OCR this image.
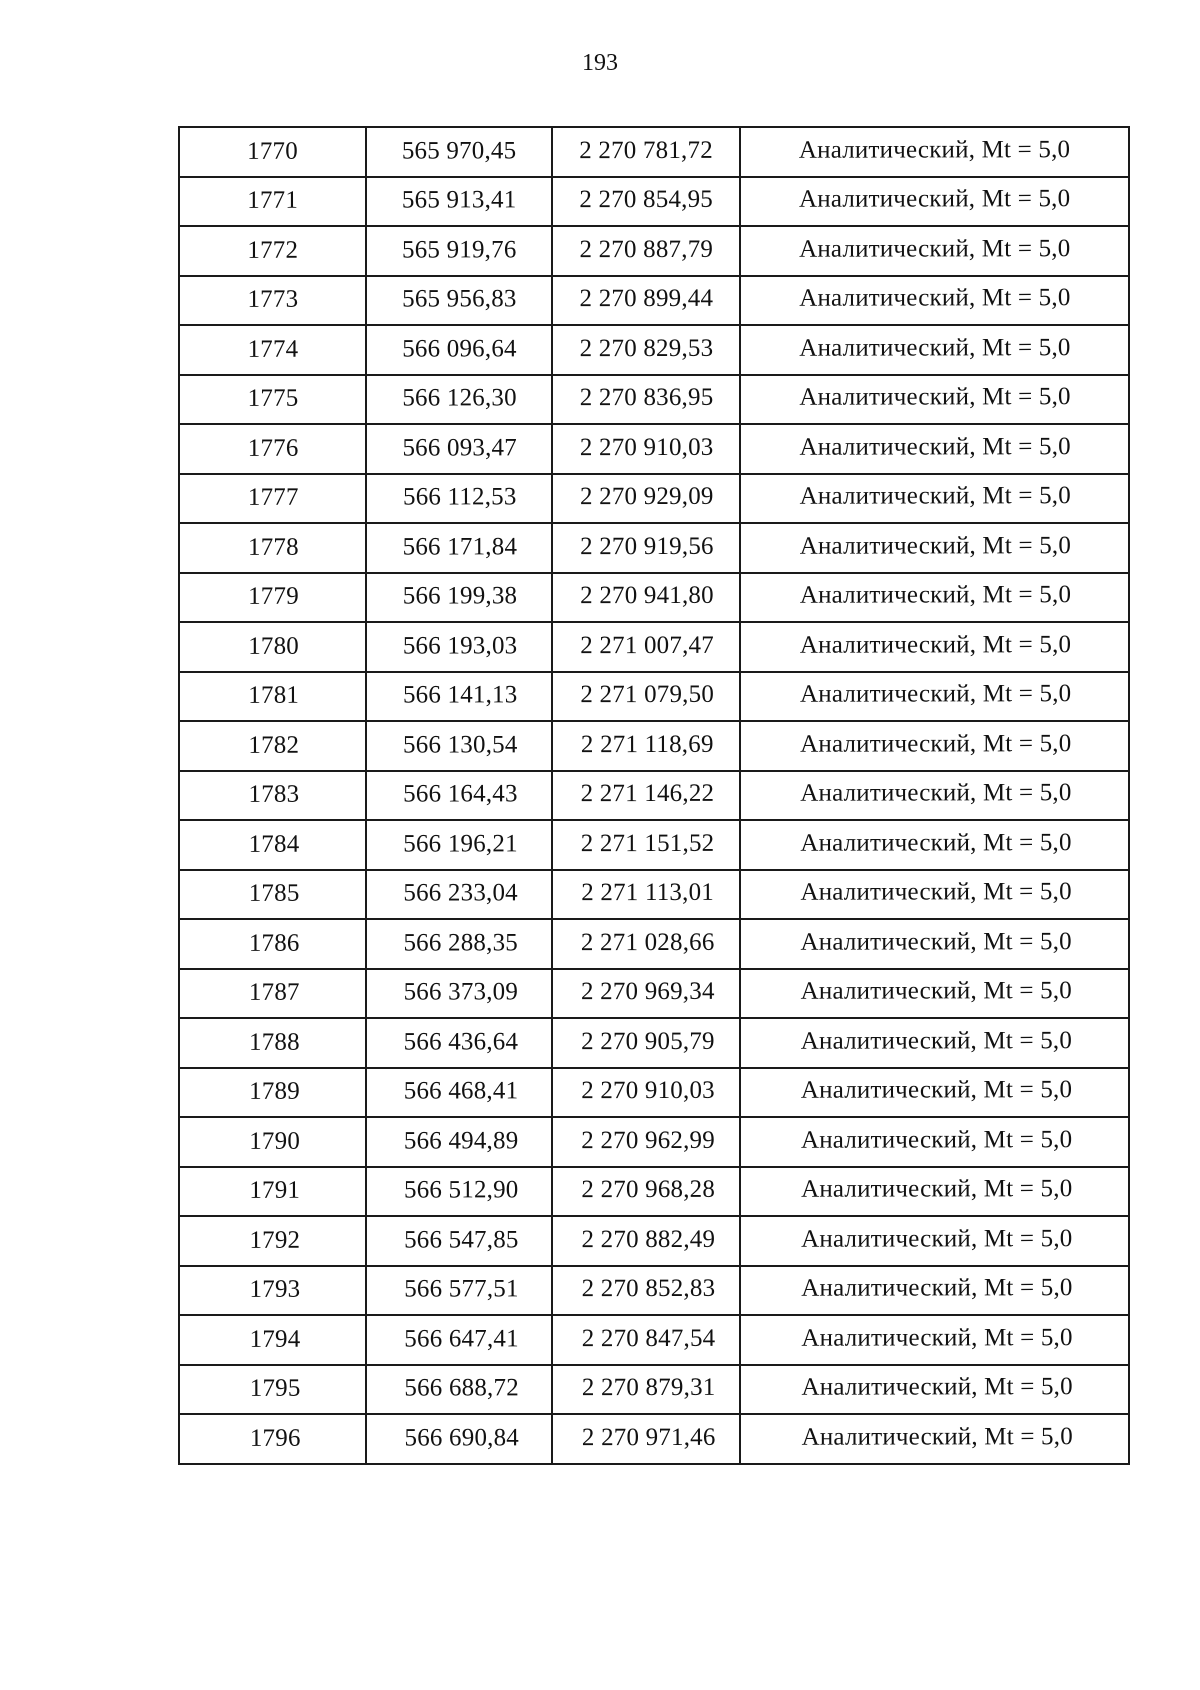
193
1770	565 970,45	2 270 781,72	Аналитический, Mt = 5,0
1771	565 913,41	2 270 854,95	Аналитический, Mt = 5,0
1772	565 919,76	2 270 887,79	Аналитический, Mt = 5,0
1773	565 956,83	2 270 899,44	Аналитический, Mt = 5,0
1774	566 096,64	2 270 829,53	Аналитический, Mt = 5,0
1775	566 126,30	2 270 836,95	Аналитический, Mt = 5,0
1776	566 093,47	2 270 910,03	Аналитический, Mt = 5,0
1777	566 112,53	2 270 929,09	Аналитический, Mt = 5,0
1778	566 171,84	2 270 919,56	Аналитический, Mt = 5,0
1779	566 199,38	2 270 941,80	Аналитический, Mt = 5,0
1780	566 193,03	2 271 007,47	Аналитический, Mt = 5,0
1781	566 141,13	2 271 079,50	Аналитический, Mt = 5,0
1782	566 130,54	2 271 118,69	Аналитический, Mt = 5,0
1783	566 164,43	2 271 146,22	Аналитический, Mt = 5,0
1784	566 196,21	2 271 151,52	Аналитический, Mt = 5,0
1785	566 233,04	2 271 113,01	Аналитический, Mt = 5,0
1786	566 288,35	2 271 028,66	Аналитический, Mt = 5,0
1787	566 373,09	2 270 969,34	Аналитический, Mt = 5,0
1788	566 436,64	2 270 905,79	Аналитический, Mt = 5,0
1789	566 468,41	2 270 910,03	Аналитический, Mt = 5,0
1790	566 494,89	2 270 962,99	Аналитический, Mt = 5,0
1791	566 512,90	2 270 968,28	Аналитический, Mt = 5,0
1792	566 547,85	2 270 882,49	Аналитический, Mt = 5,0
1793	566 577,51	2 270 852,83	Аналитический, Mt = 5,0
1794	566 647,41	2 270 847,54	Аналитический, Mt = 5,0
1795	566 688,72	2 270 879,31	Аналитический, Mt = 5,0
1796	566 690,84	2 270 971,46	Аналитический, Mt = 5,0
